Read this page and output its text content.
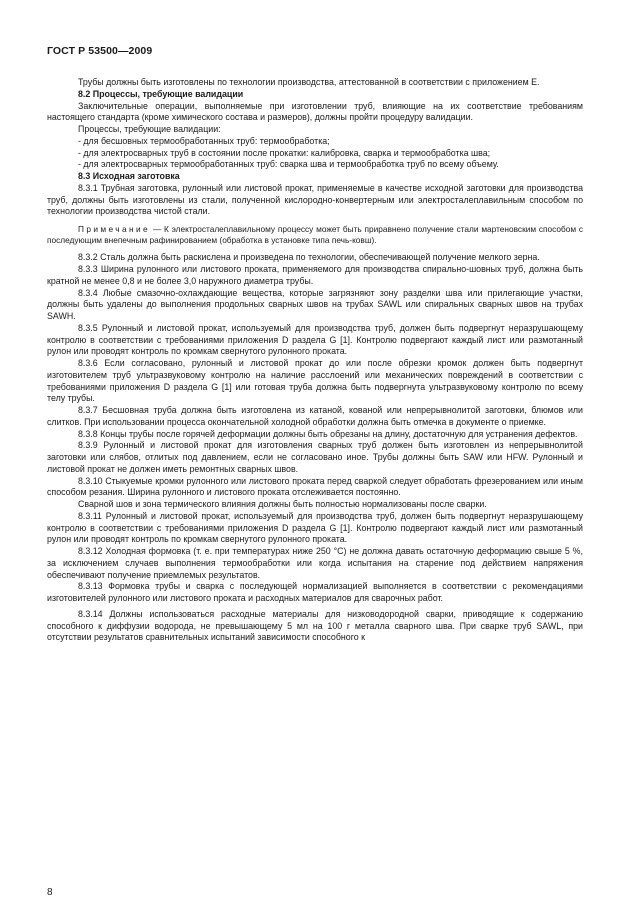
ГОСТ Р 53500—2009

Трубы должны быть изготовлены по технологии производства, аттестованной в соответствии с приложением Е.

8.2 Процессы, требующие валидации

Заключительные операции, выполняемые при изготовлении труб, влияющие на их соответствие требованиям настоящего стандарта (кроме химического состава и размеров), должны пройти процедуру валидации.

Процессы, требующие валидации:

- для бесшовных термообработанных труб: термообработка;

- для электросварных труб в состоянии после прокатки: калибровка, сварка и термообработка шва;

- для электросварных термообработанных труб: сварка шва и термообработка труб по всему объему.

8.3 Исходная заготовка

8.3.1 Трубная заготовка, рулонный или листовой прокат, применяемые в качестве исходной заготовки для производства труб, должны быть изготовлены из стали, полученной кислородно-конвертерным или электросталеплавильным способом по технологии производства чистой стали.

Примечание — К электросталеплавильному процессу может быть приравнено получение стали мартеновским способом с последующим внепечным рафинированием (обработка в установке типа печь-ковш).

8.3.2 Сталь должна быть раскислена и произведена по технологии, обеспечивающей получение мелкого зерна.

8.3.3 Ширина рулонного или листового проката, применяемого для производства спирально-шовных труб, должна быть кратной не менее 0,8 и не более 3,0 наружного диаметра трубы.

8.3.4 Любые смазочно-охлаждающие вещества, которые загрязняют зону разделки шва или прилегающие участки, должны быть удалены до выполнения продольных сварных швов на трубах SAWL или спиральных сварных швов на трубах SAWH.

8.3.5 Рулонный и листовой прокат, используемый для производства труб, должен быть подвергнут неразрушающему контролю в соответствии с требованиями приложения D раздела G [1]. Контролю подвергают каждый лист или размотанный рулон или проводят контроль по кромкам свернутого рулонного проката.

8.3.6 Если согласовано, рулонный и листовой прокат до или после обрезки кромок должен быть подвергнут изготовителем труб ультразвуковому контролю на наличие расслоений или механических повреждений в соответствии с требованиями приложения D раздела G [1] или готовая труба должна быть подвергнута ультразвуковому контролю по всему телу трубы.

8.3.7 Бесшовная труба должна быть изготовлена из катаной, кованой или непрерывнолитой заготовки, блюмов или слитков. При использовании процесса окончательной холодной обработки должна быть отмечка в документе о приемке.

8.3.8 Концы трубы после горячей деформации должны быть обрезаны на длину, достаточную для устранения дефектов.

8.3.9 Рулонный и листовой прокат для изготовления сварных труб должен быть изготовлен из непрерывнолитой заготовки или слябов, отлитых под давлением, если не согласовано иное. Трубы должны быть SAW или HFW. Рулонный и листовой прокат не должен иметь ремонтных сварных швов.

8.3.10 Стыкуемые кромки рулонного или листового проката перед сваркой следует обработать фрезерованием или иным способом резания. Ширина рулонного и листового проката отслеживается постоянно.

Сварной шов и зона термического влияния должны быть полностью нормализованы после сварки.

8.3.11 Рулонный и листовой прокат, используемый для производства труб, должен быть подвергнут неразрушающему контролю в соответствии с требованиями приложения D раздела G [1]. Контролю подвергают каждый лист или размотанный рулон или проводят контроль по кромкам свернутого рулонного проката.

8.3.12 Холодная формовка (т. е. при температурах ниже 250 °С) не должна давать остаточную деформацию свыше 5 %, за исключением случаев выполнения термообработки или когда испытания на старение под действием напряжения обеспечивают получение приемлемых результатов.

8.3.13 Формовка трубы и сварка с последующей нормализацией выполняется в соответствии с рекомендациями изготовителей рулонного или листового проката и расходных материалов для сварочных работ.

8.3.14 Должны использоваться расходные материалы для низководородной сварки, приводящие к содержанию способного к диффузии водорода, не превышающему 5 мл на 100 г металла сварного шва. При сварке труб SAWL, при отсутствии результатов сравнительных испытаний зависимости способного к

8
